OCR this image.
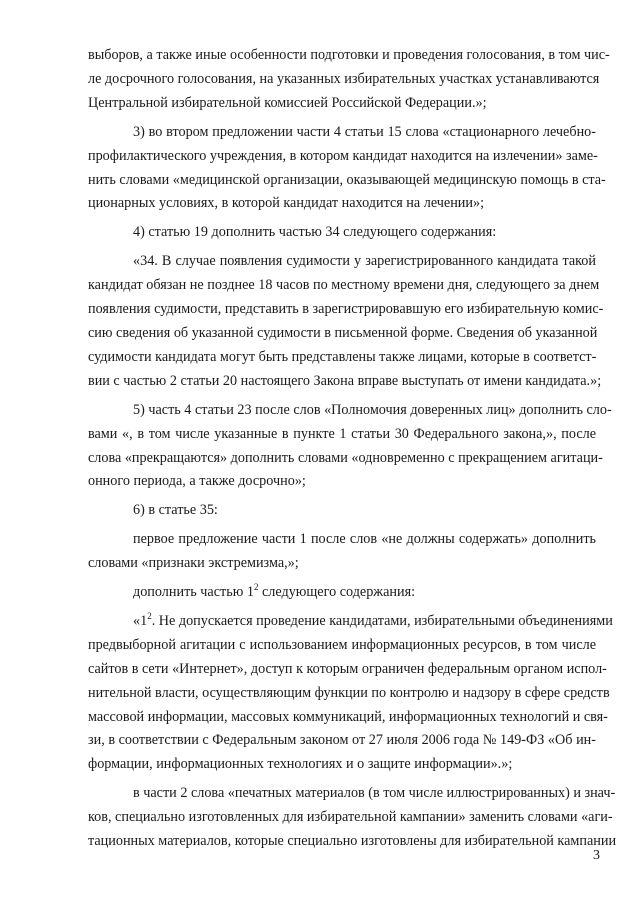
выборов, а также иные особенности подготовки и проведения голосования, в том чис-
ле досрочного голосования, на указанных избирательных участках устанавливаются
Центральной избирательной комиссией Российской Федерации.»;
3) во втором предложении части 4 статьи 15 слова «стационарного лечебно-
профилактического учреждения, в котором кандидат находится на излечении» заме-
нить словами «медицинской организации, оказывающей медицинскую помощь в ста-
ционарных условиях, в которой кандидат находится на лечении»;
4) статью 19 дополнить частью 34 следующего содержания:
«34. В случае появления судимости у зарегистрированного кандидата такой
кандидат обязан не позднее 18 часов по местному времени дня, следующего за днем
появления судимости, представить в зарегистрировавшую его избирательную комис-
сию сведения об указанной судимости в письменной форме. Сведения об указанной
судимости кандидата могут быть представлены также лицами, которые в соответст-
вии с частью 2 статьи 20 настоящего Закона вправе выступать от имени кандидата.»;
5) часть 4 статьи 23 после слов «Полномочия доверенных лиц» дополнить сло-
вами «, в том числе указанные в пункте 1 статьи 30 Федерального закона,», после
слова «прекращаются» дополнить словами «одновременно с прекращением агитаци-
онного периода, а также досрочно»;
6) в статье 35:
первое предложение части 1 после слов «не должны содержать» дополнить
словами «признаки экстремизма,»;
дополнить частью $1^2$ следующего содержания:
«$1^2$. Не допускается проведение кандидатами, избирательными объединениями
предвыборной агитации с использованием информационных ресурсов, в том числе
сайтов в сети «Интернет», доступ к которым ограничен федеральным органом испол-
нительной власти, осуществляющим функции по контролю и надзору в сфере средств
массовой информации, массовых коммуникаций, информационных технологий и свя-
зи, в соответствии с Федеральным законом от 27 июля 2006 года № 149-ФЗ «Об ин-
формации, информационных технологиях и о защите информации».»;
в части 2 слова «печатных материалов (в том числе иллюстрированных) и знач-
ков, специально изготовленных для избирательной кампании» заменить словами «аги-
тационных материалов, которые специально изготовлены для избирательной кампании
3
